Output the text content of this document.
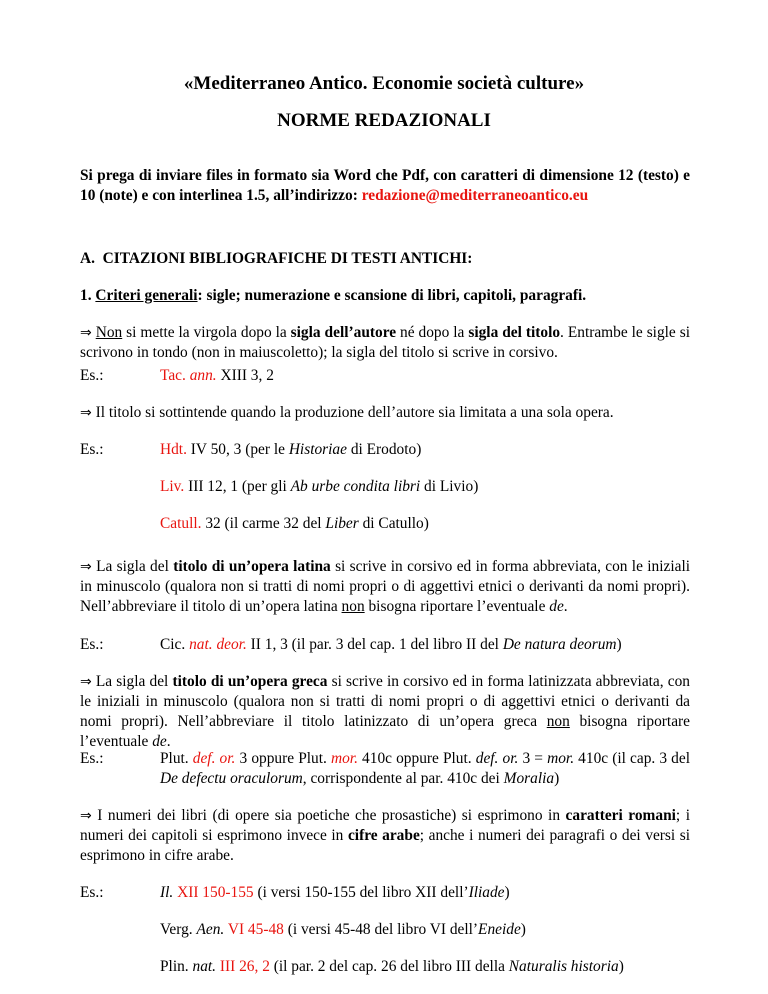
«Mediterraneo Antico. Economie società culture»
NORME REDAZIONALI
Si prega di inviare files in formato sia Word che Pdf, con caratteri di dimensione 12 (testo) e 10 (note) e con interlinea 1.5, all’indirizzo: redazione@mediterraneoantico.eu
A.  CITAZIONI BIBLIOGRAFICHE DI TESTI ANTICHI:
1. Criteri generali: sigle; numerazione e scansione di libri, capitoli, paragrafi.
⇒ Non si mette la virgola dopo la sigla dell’autore né dopo la sigla del titolo. Entrambe le sigle si scrivono in tondo (non in maiuscoletto); la sigla del titolo si scrive in corsivo.
Es.:	Tac. ann. XIII 3, 2
⇒ Il titolo si sottintende quando la produzione dell’autore sia limitata a una sola opera.
Es.:	Hdt. IV 50, 3 (per le Historiae di Erodoto)
Liv. III 12, 1 (per gli Ab urbe condita libri di Livio)
Catull. 32 (il carme 32 del Liber di Catullo)
⇒ La sigla del titolo di un’opera latina si scrive in corsivo ed in forma abbreviata, con le iniziali in minuscolo (qualora non si tratti di nomi propri o di aggettivi etnici o derivanti da nomi propri). Nell’abbreviare il titolo di un’opera latina non bisogna riportare l’eventuale de.
Es.:	Cic. nat. deor. II 1, 3 (il par. 3 del cap. 1 del libro II del De natura deorum)
⇒ La sigla del titolo di un’opera greca si scrive in corsivo ed in forma latinizzata abbreviata, con le iniziali in minuscolo (qualora non si tratti di nomi propri o di aggettivi etnici o derivanti da nomi propri). Nell’abbreviare il titolo latinizzato di un’opera greca non bisogna riportare l’eventuale de.
Es.:	Plut. def. or. 3 oppure Plut. mor. 410c oppure Plut. def. or. 3 = mor. 410c (il cap. 3 del De defectu oraculorum, corrispondente al par. 410c dei Moralia)
⇒ I numeri dei libri (di opere sia poetiche che prosastiche) si esprimono in caratteri romani; i numeri dei capitoli si esprimono invece in cifre arabe; anche i numeri dei paragrafi o dei versi si esprimono in cifre arabe.
Es.:	Il. XII 150-155 (i versi 150-155 del libro XII dell’Iliade)
Verg. Aen. VI 45-48 (i versi 45-48 del libro VI dell’Eneide)
Plin. nat. III 26, 2 (il par. 2 del cap. 26 del libro III della Naturalis historia)
